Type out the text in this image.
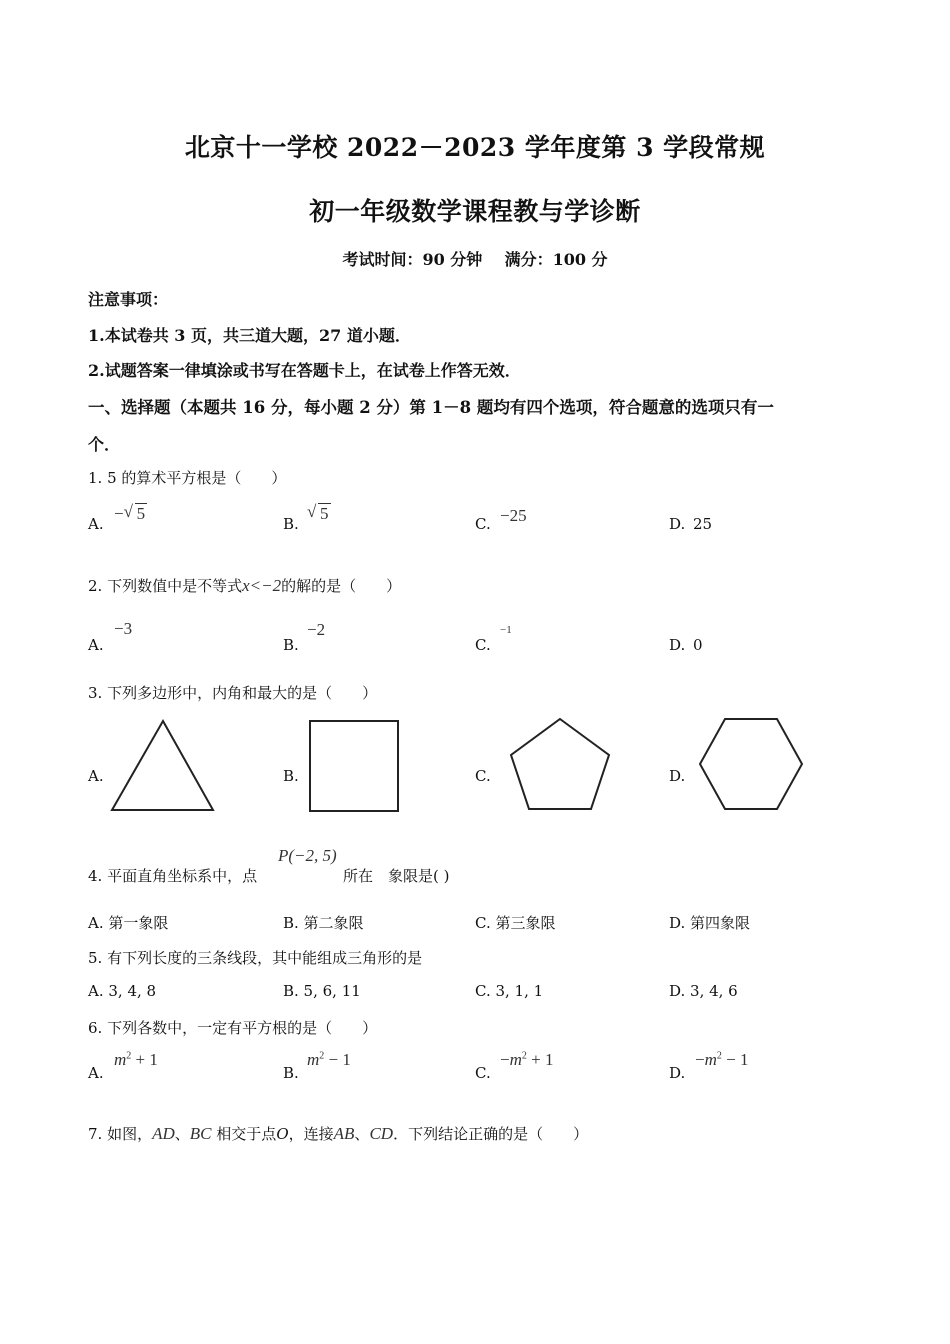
北京十一学校 2022－2023 学年度第 3 学段常规
初一年级数学课程教与学诊断
考试时间：90 分钟    满分：100 分
注意事项：
1.本试卷共 3 页，共三道大题，27 道小题．
2.试题答案一律填涂或书写在答题卡上，在试卷上作答无效．
一、选择题（本题共 16 分，每小题 2 分）第 1－8 题均有四个选项，符合题意的选项只有一
个．
1. 5 的算术平方根是（　　）
A.
− √ 5
B.
√ 5
C. −25	D. 25
2. 下列数值中是不等式x<−2的解的是（　　）
A.
−3
B.
−2
C.
−1
D. 0
3. 下列多边形中，内角和最大的是（　　）
A.	B.	C.	D.
4. 平面直角坐标系中，点
P(−2, 5)
所在　象限是( )
A. 第一象限	B. 第二象限	C. 第三象限	D. 第四象限
5. 有下列长度的三条线段，其中能组成三角形的是
A. 3, 4, 8	B. 5, 6, 11	C. 3, 1, 1	D. 3, 4, 6
6. 下列各数中，一定有平方根的是（　　）
A.
$m^2 + 1$
B.
$m^2 - 1$
C.
$-m^2 + 1$
D.
$-m^2 - 1$
7. 如图，AD、BC 相交于点O，连接AB、CD．下列结论正确的是（　　）
